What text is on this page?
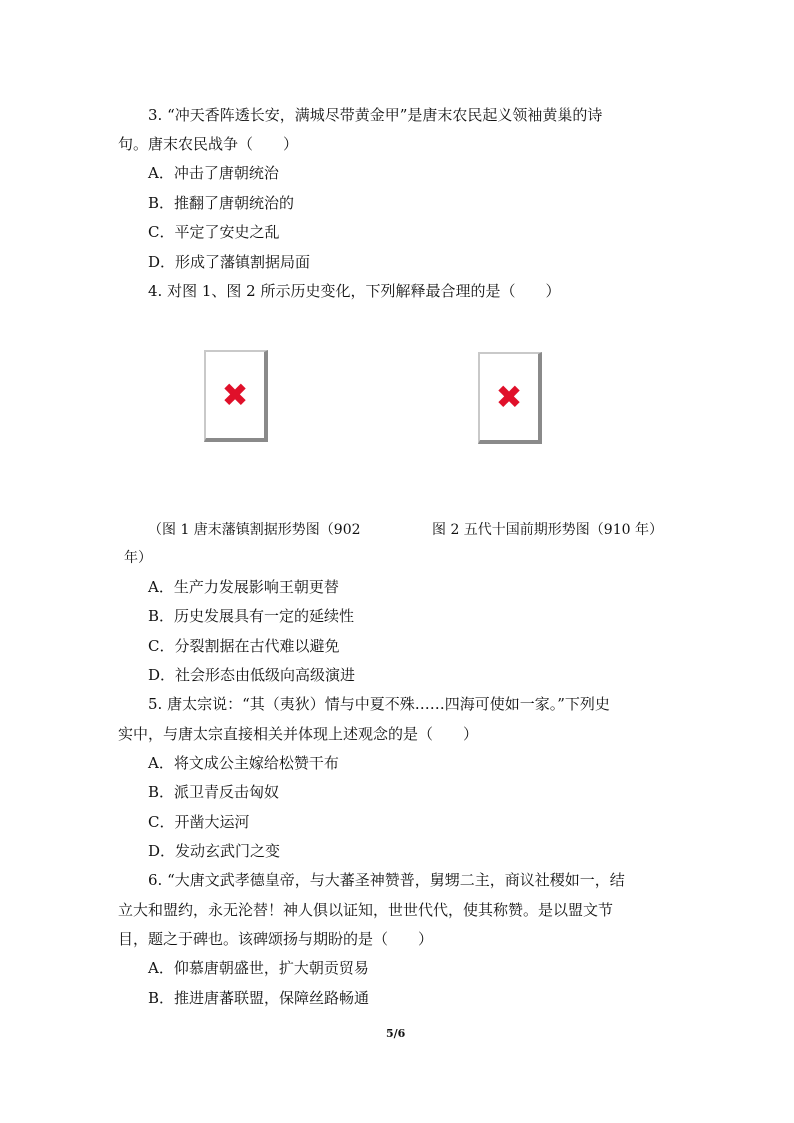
3. “冲天香阵透长安，满城尽带黄金甲”是唐末农民起义领袖黄巢的诗
句。唐末农民战争（　　）
A．冲击了唐朝统治
B．推翻了唐朝统治的
C．平定了安史之乱
D．形成了藩镇割据局面
4. 对图 1、图 2 所示历史变化，下列解释最合理的是（　　）
✖	✖
（图 1 唐末藩镇割据形势图（902	图 2 五代十国前期形势图（910 年）
年）
A．生产力发展影响王朝更替
B．历史发展具有一定的延续性
C．分裂割据在古代难以避免
D．社会形态由低级向高级演进
5. 唐太宗说：“其（夷狄）情与中夏不殊……四海可使如一家。”下列史
实中，与唐太宗直接相关并体现上述观念的是（　　）
A．将文成公主嫁给松赞干布
B．派卫青反击匈奴
C．开凿大运河
D．发动玄武门之变
6. “大唐文武孝德皇帝，与大蕃圣神赞普，舅甥二主，商议社稷如一，结
立大和盟约，永无沦替！神人俱以证知，世世代代，使其称赞。是以盟文节
目，题之于碑也。该碑颂扬与期盼的是（　　）
A．仰慕唐朝盛世，扩大朝贡贸易
B．推进唐蕃联盟，保障丝路畅通
5/6
